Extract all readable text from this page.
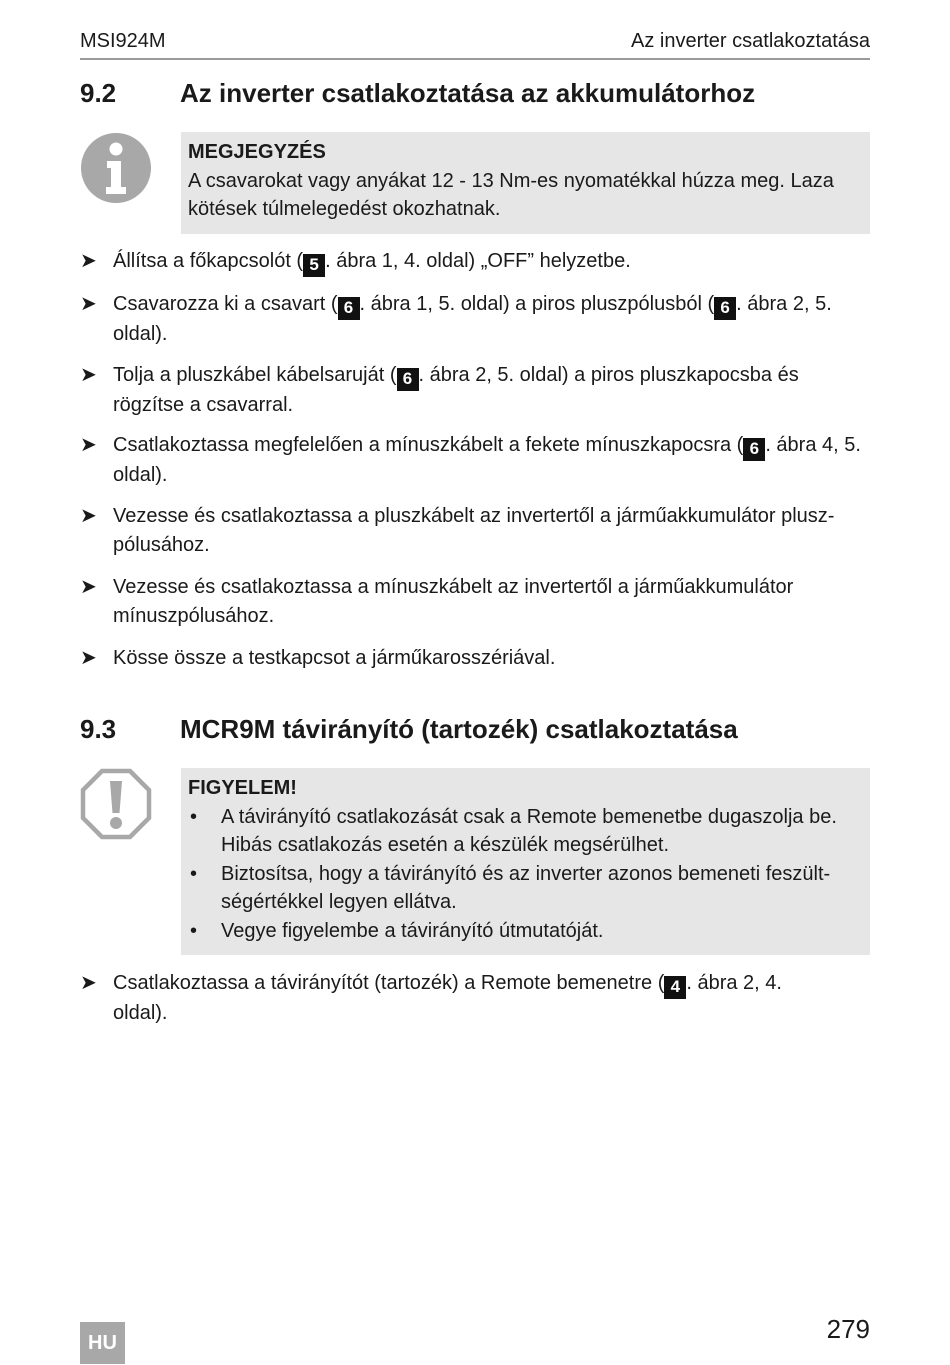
MSI924M	Az inverter csatlakoztatása
9.2 Az inverter csatlakoztatása az akkumulátorhoz
MEGJEGYZÉS
A csavarokat vagy anyákat 12 - 13 Nm-es nyomatékkal húzza meg. Laza kötések túlmelegedést okozhatnak.
➤ Állítsa a főkapcsolót ( 5 . ábra 1, 4. oldal) „OFF” helyzetbe.
➤ Csavarozza ki a csavart ( 6 . ábra 1, 5. oldal) a piros pluszpólusból ( 6 . ábra 2, 5. oldal).
➤ Tolja a pluszkábel kábelsaruját ( 6 . ábra 2, 5. oldal) a piros pluszkapocsba és rögzítse a csavarral.
➤ Csatlakoztassa megfelelően a mínuszkábelt a fekete mínuszkapocsra ( 6 . ábra 4, 5. oldal).
➤ Vezesse és csatlakoztassa a pluszkábelt az invertertől a járműakkumulátor plusz-pólusához.
➤ Vezesse és csatlakoztassa a mínuszkábelt az invertertől a járműakkumulátor mínuszpólusához.
➤ Kösse össze a testkapcsot a járműkarosszériával.
9.3 MCR9M távirányító (tartozék) csatlakoztatása
FIGYELEM!
• A távirányító csatlakozását csak a Remote bemenetbe dugaszolja be. Hibás csatlakozás esetén a készülék megsérülhet.
• Biztosítsa, hogy a távirányító és az inverter azonos bemeneti feszült-ségértékkel legyen ellátva.
• Vegye figyelembe a távirányító útmutatóját.
➤ Csatlakoztassa a távirányítót (tartozék) a Remote bemenetre ( 4 . ábra 2, 4. oldal).
HU	279
